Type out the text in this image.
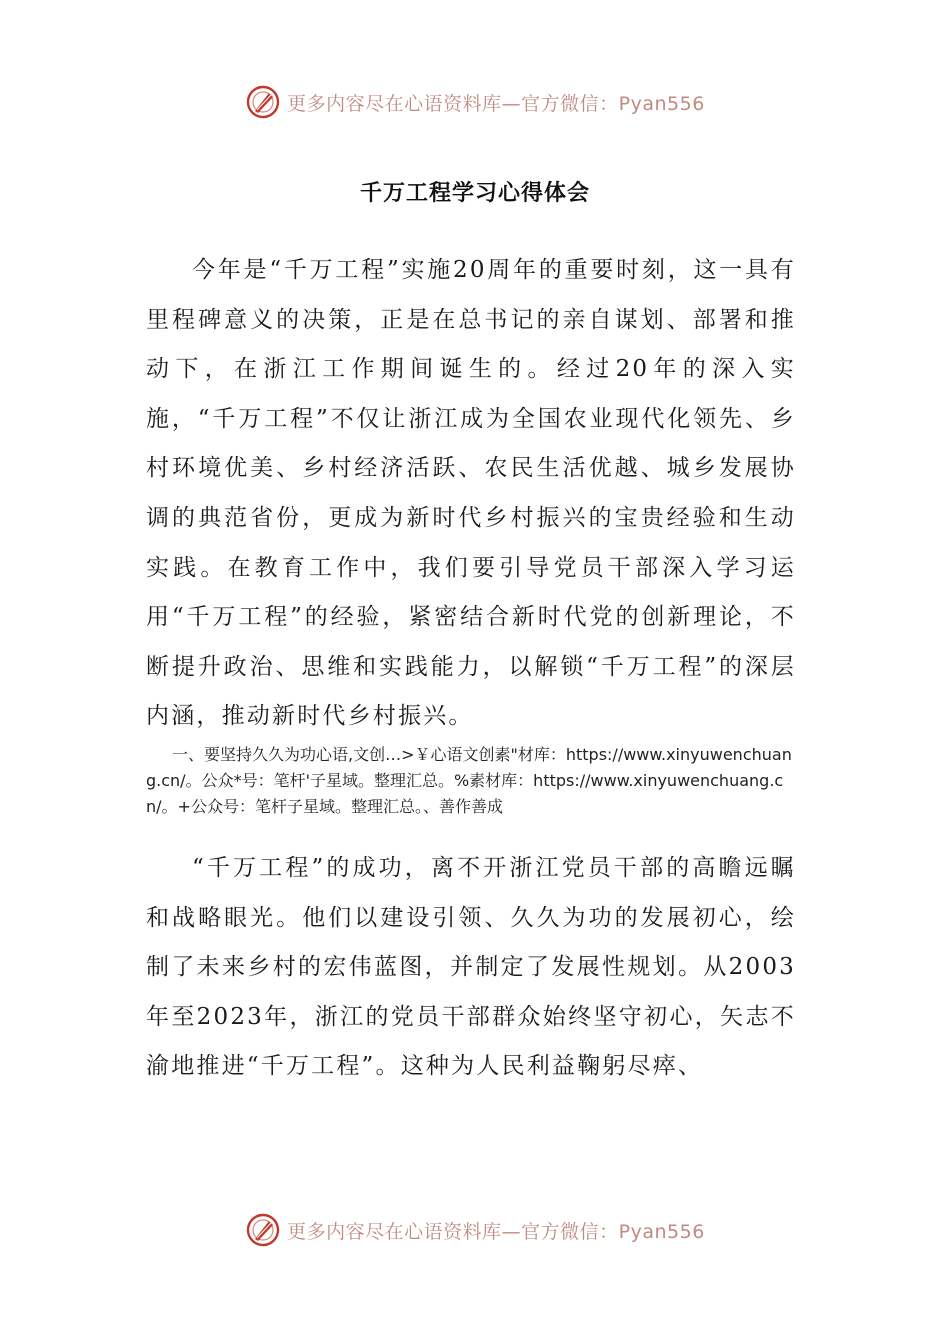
更多内容尽在心语资料库—官方微信：Pyan556
千万工程学习心得体会

今年是“千万工程”实施20周年的重要时刻，这一具有里程碑意义的决策，正是在总书记的亲自谋划、部署和推动下，在浙江工作期间诞生的。经过20年的深入实施，“千万工程”不仅让浙江成为全国农业现代化领先、乡村环境优美、乡村经济活跃、农民生活优越、城乡发展协调的典范省份，更成为新时代乡村振兴的宝贵经验和生动实践。在教育工作中，我们要引导党员干部深入学习运用“千万工程”的经验，紧密结合新时代党的创新理论，不断提升政治、思维和实践能力，以解锁“千万工程”的深层内涵，推动新时代乡村振兴。

一、要坚持久久为功心语,文创…>￥心语文创素"材库：https://www.xinyuwenchuang.cn/。公众*号：笔杆'子星域。整理汇总。%素材库：https://www.xinyuwenchuang.cn/。+公众号：笔杆子星域。整理汇总。、善作善成

“千万工程”的成功，离不开浙江党员干部的高瞻远瞩和战略眼光。他们以建设引领、久久为功的发展初心，绘制了未来乡村的宏伟蓝图，并制定了发展性规划。从2003年至2023年，浙江的党员干部群众始终坚守初心，矢志不渝地推进“千万工程”。这种为人民利益鞠躬尽瘁、

更多内容尽在心语资料库—官方微信：Pyan556
